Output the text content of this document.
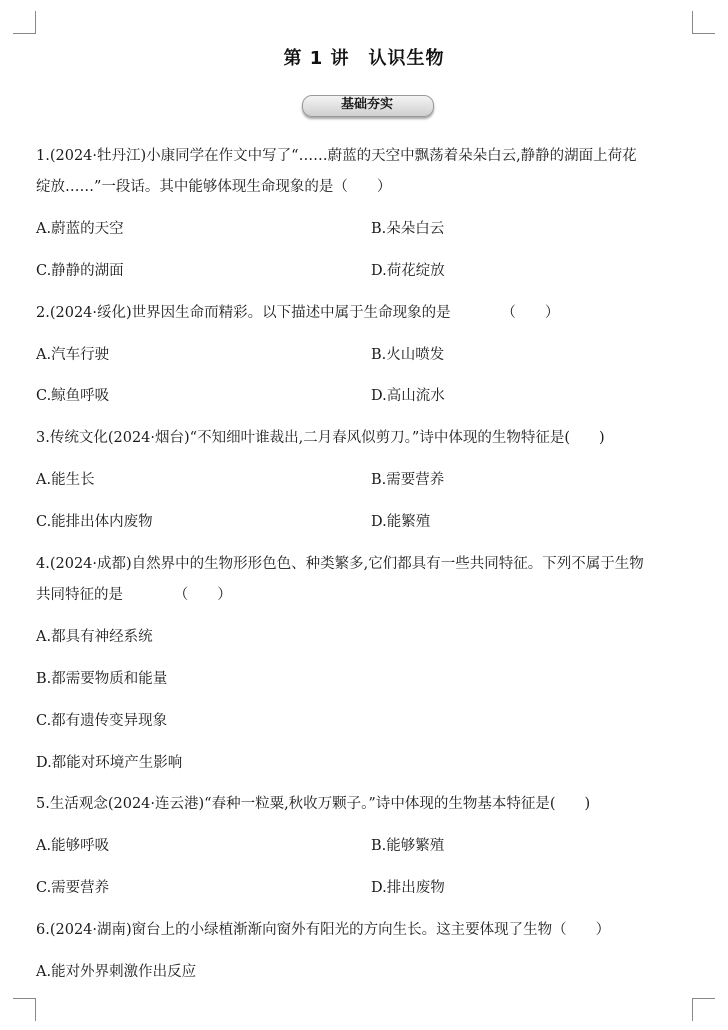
第 1 讲　认识生物
基础夯实
1.(2024·牡丹江)小康同学在作文中写了“……蔚蓝的天空中飘荡着朵朵白云,静静的湖面上荷花
绽放……”一段话。其中能够体现生命现象的是（　　）
A.蔚蓝的天空	B.朵朵白云
C.静静的湖面	D.荷花绽放
2.(2024·绥化)世界因生命而精彩。以下描述中属于生命现象的是　　　　（　　）
A.汽车行驶	B.火山喷发
C.鲸鱼呼吸	D.高山流水
3.传统文化(2024·烟台)“不知细叶谁裁出,二月春风似剪刀。”诗中体现的生物特征是(　　)
A.能生长	B.需要营养
C.能排出体内废物	D.能繁殖
4.(2024·成都)自然界中的生物形形色色、种类繁多,它们都具有一些共同特征。下列不属于生物
共同特征的是　　　　（　　）
A.都具有神经系统
B.都需要物质和能量
C.都有遗传变异现象
D.都能对环境产生影响
5.生活观念(2024·连云港)“春种一粒粟,秋收万颗子。”诗中体现的生物基本特征是(　　)
A.能够呼吸	B.能够繁殖
C.需要营养	D.排出废物
6.(2024·湖南)窗台上的小绿植渐渐向窗外有阳光的方向生长。这主要体现了生物（　　）
A.能对外界刺激作出反应
